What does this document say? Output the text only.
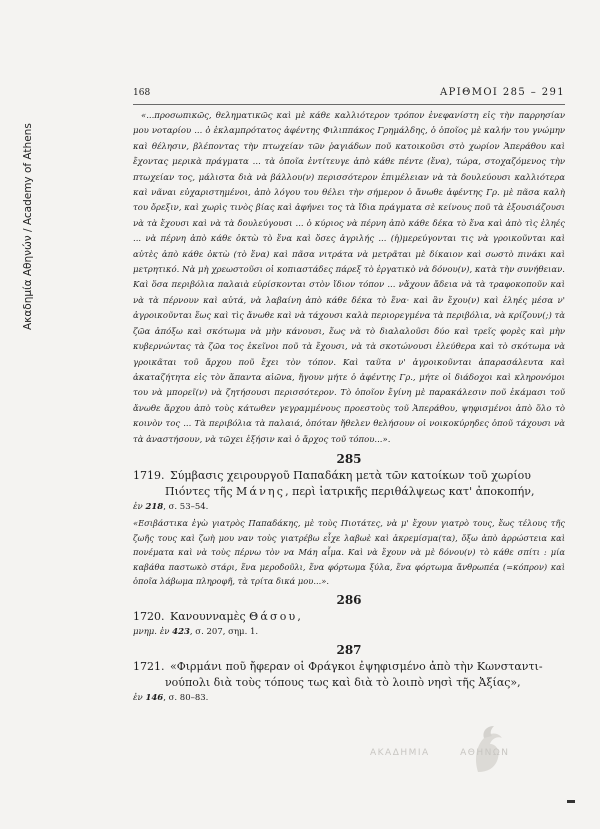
Ακαδημία Αθηνών / Academy of Athens
168	ΑΡΙΘΜΟΙ 285 – 291
«...προσωπικῶς, θεληματικῶς καὶ μὲ κάθε καλλιότερον τρόπον ἐνεφανίστη εἰς τὴν παρρησίαν μου νοταρίου ... ὁ ἐκλαμπρότατος ἀφέντης Φιλιππάκος Γρημάλδης, ὁ ὁποῖος μὲ καλήν του γνώμην καὶ θέλησιν, βλέποντας τὴν πτωχείαν τῶν ῥαγιάδων ποῦ κατοικοῦσι στὸ χωρίον Ἀπεράθου καὶ ἔχοντας μερικὰ πράγματα ... τὰ ὁποῖα ἐντίτευγε ἀπὸ κάθε πέντε (ἕνα), τώρα, στοχαζόμενος τὴν πτωχείαν τος, μάλιστα διὰ νὰ βάλλου(ν) περισσότερον ἐπιμέλειαν νὰ τὰ δουλεύουσι καλλιότερα καὶ νᾶναι εὐχαριστημένοι, ἀπὸ λόγου του θέλει τὴν σήμερον ὁ ἄνωθε ἀφέντης Γρ. μὲ πᾶσα καλὴ του ὄρεξιν, καὶ χωρὶς τινὸς βίας καὶ ἀφήνει τος τὰ ἴδια πράγματα σὲ κείνους ποῦ τὰ ἐξουσιάζουσι νὰ τὰ ἔχουσι καὶ νὰ τὰ δουλεύγουσι ... ὁ κύριος νὰ πέρνη ἀπὸ κάθε δέκα τὸ ἕνα καὶ ἀπὸ τὶς ἐληές ... νὰ πέρνη ἀπὸ κάθε ὀκτὼ τὸ ἕνα καὶ ὅσες ἀγριλής ... (ἡ)μερεύγονται τις νὰ γροικοῦνται καὶ αὐτὲς ἀπὸ κάθε ὀκτὼ (τὸ ἕνα) καὶ πᾶσα νιτράτα νὰ μετρᾶται μὲ δίκαιον καὶ σωστὸ πινάκι καὶ μετρητικό. Νὰ μὴ χρεωστοῦσι οἱ κοπιαστάδες πάρεξ τὸ ἐργατικὸ νὰ δόνου(ν), κατὰ τὴν συνήθειαν. Καὶ ὅσα περιβόλια παλαιὰ εὑρίσκονται στὸν ἴδιον τόπον ... νἄχουν ἄδεια νὰ τὰ τραφοκοποῦν καὶ νὰ τὰ πέρνουν καὶ αὐτά, νὰ λαβαίνη ἀπὸ κάθε δέκα τὸ ἕνα· καὶ ἂν ἔχου(ν) καὶ ἐληές μέσα ν' ἀγροικοῦνται ἕως καὶ τὶς ἄνωθε καὶ νὰ τάχουσι καλὰ περιορεγμένα τὰ περιβόλια, νὰ κρίζουν(;) τὰ ζῶα ἀπόξω καὶ σκότωμα νὰ μὴν κάνουσι, ἕως νὰ τὸ διαλαλοῦσι δύο καὶ τρεῖς φορὲς καὶ μὴν κυβερνώντας τὰ ζῶα τος ἐκεῖνοι ποῦ τὰ ἔχουσι, νὰ τὰ σκοτώνουσι ἐλεύθερα καὶ τὸ σκότωμα νὰ γροικᾶται τοῦ ἄρχου ποῦ ἔχει τὸν τόπον. Καὶ ταῦτα ν' ἀγροικοῦνται ἀπαρασάλευτα καὶ ἀκαταζήτητα εἰς τὸν ἅπαντα αἰῶνα, ἤγουν μήτε ὁ ἀφέντης Γρ., μήτε οἱ διάδοχοι καὶ κληρονόμοι του νὰ μπορεῖ(ν) νὰ ζητήσουσι περισσότερον. Τὸ ὁποῖον ἔγίνη μὲ παρακάλεσιν ποῦ ἐκάμασι τοῦ ἄνωθε ἄρχου ἀπὸ τοὺς κάτωθεν γεγραμμένους προεστοὺς τοῦ Ἀπεράθου, ψηφισμένοι ἀπὸ ὅλο τὸ κοινὸν τος ... Τὰ περιβόλια τὰ παλαιά, ὁπόταν ἤθελεν θελήσουν οἱ νοικοκύρηδες ὁποῦ τάχουσι νὰ τὰ ἀναστήσουν, νὰ τῶχει ἐξήσιν καὶ ὁ ἄρχος τοῦ τόπου...».
285
1719. Σύμβασις χειρουργοῦ Παπαδάκη μετὰ τῶν κατοίκων τοῦ χωρίου
Πιόντες τῆς Μάνης, περὶ ἰατρικῆς περιθάλψεως κατ' ἀποκοπήν,
ἐν 218, σ. 53–54.
«Εσιβάστικα ἐγὼ γιατρὸς Παπαδάκης, μὲ τοὺς Πιοτάτες, νὰ μ' ἔχουν γιατρὸ τους, ἕως τέλους τῆς ζωῆς τους καὶ ζωὴ μου ναν τοὺς γιατρέβω εἶχε λαβωὲ καὶ ἀκρεμίσμα(τα), ὄξω ἀπὸ ἀρρώστεια καὶ πονέματα καὶ νὰ τοὺς πέρνω τὸν να Μάη αἶμα. Καὶ νὰ ἔχουν νὰ μὲ δόνου(ν) τὸ κάθε σπίτι : μία καβάθα παστωκὸ στάρι, ἕνα μεροδοῦλι, ἕνα φόρτωμα ξύλα, ἕνα φόρτωμα ἄνθρωπέα (=κόπρον) καὶ ὁποῖα λάβωμα πληροφῆ, τὰ τρίτα δικά μου...».
286
1720. Κανουνναμὲς Θάσου,
μνημ. ἐν 423, σ. 207, σημ. 1.
287
1721. «Φιρμάνι ποῦ ἤφεραν οἱ Φράγκοι ἐψηφισμένο ἀπὸ τὴν Κωνσταντι-
νούπολι διὰ τοὺς τόπους τως καὶ διὰ τὸ λοιπὸ νησὶ τῆς Ἀξίας»,
ἐν 146, σ. 80–83.
ΑΚΑΔΗΜΙΑ	ΑΘΗΝΩΝ
